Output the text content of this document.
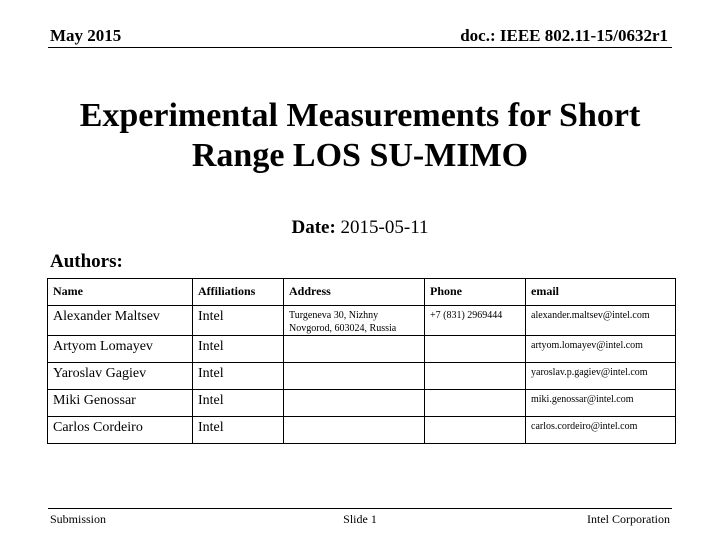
May 2015	doc.: IEEE 802.11-15/0632r1
Experimental Measurements for Short
Range LOS SU-MIMO
Date: 2015-05-11
Authors:
Name	Affiliations	Address	Phone	email
Alexander Maltsev	Intel	Turgeneva 30, Nizhny Novgorod, 603024, Russia	+7 (831) 2969444	alexander.maltsev@intel.com
Artyom Lomayev	Intel			artyom.lomayev@intel.com
Yaroslav Gagiev	Intel			yaroslav.p.gagiev@intel.com
Miki Genossar	Intel			miki.genossar@intel.com
Carlos Cordeiro	Intel			carlos.cordeiro@intel.com
Submission	Slide 1	Intel Corporation
